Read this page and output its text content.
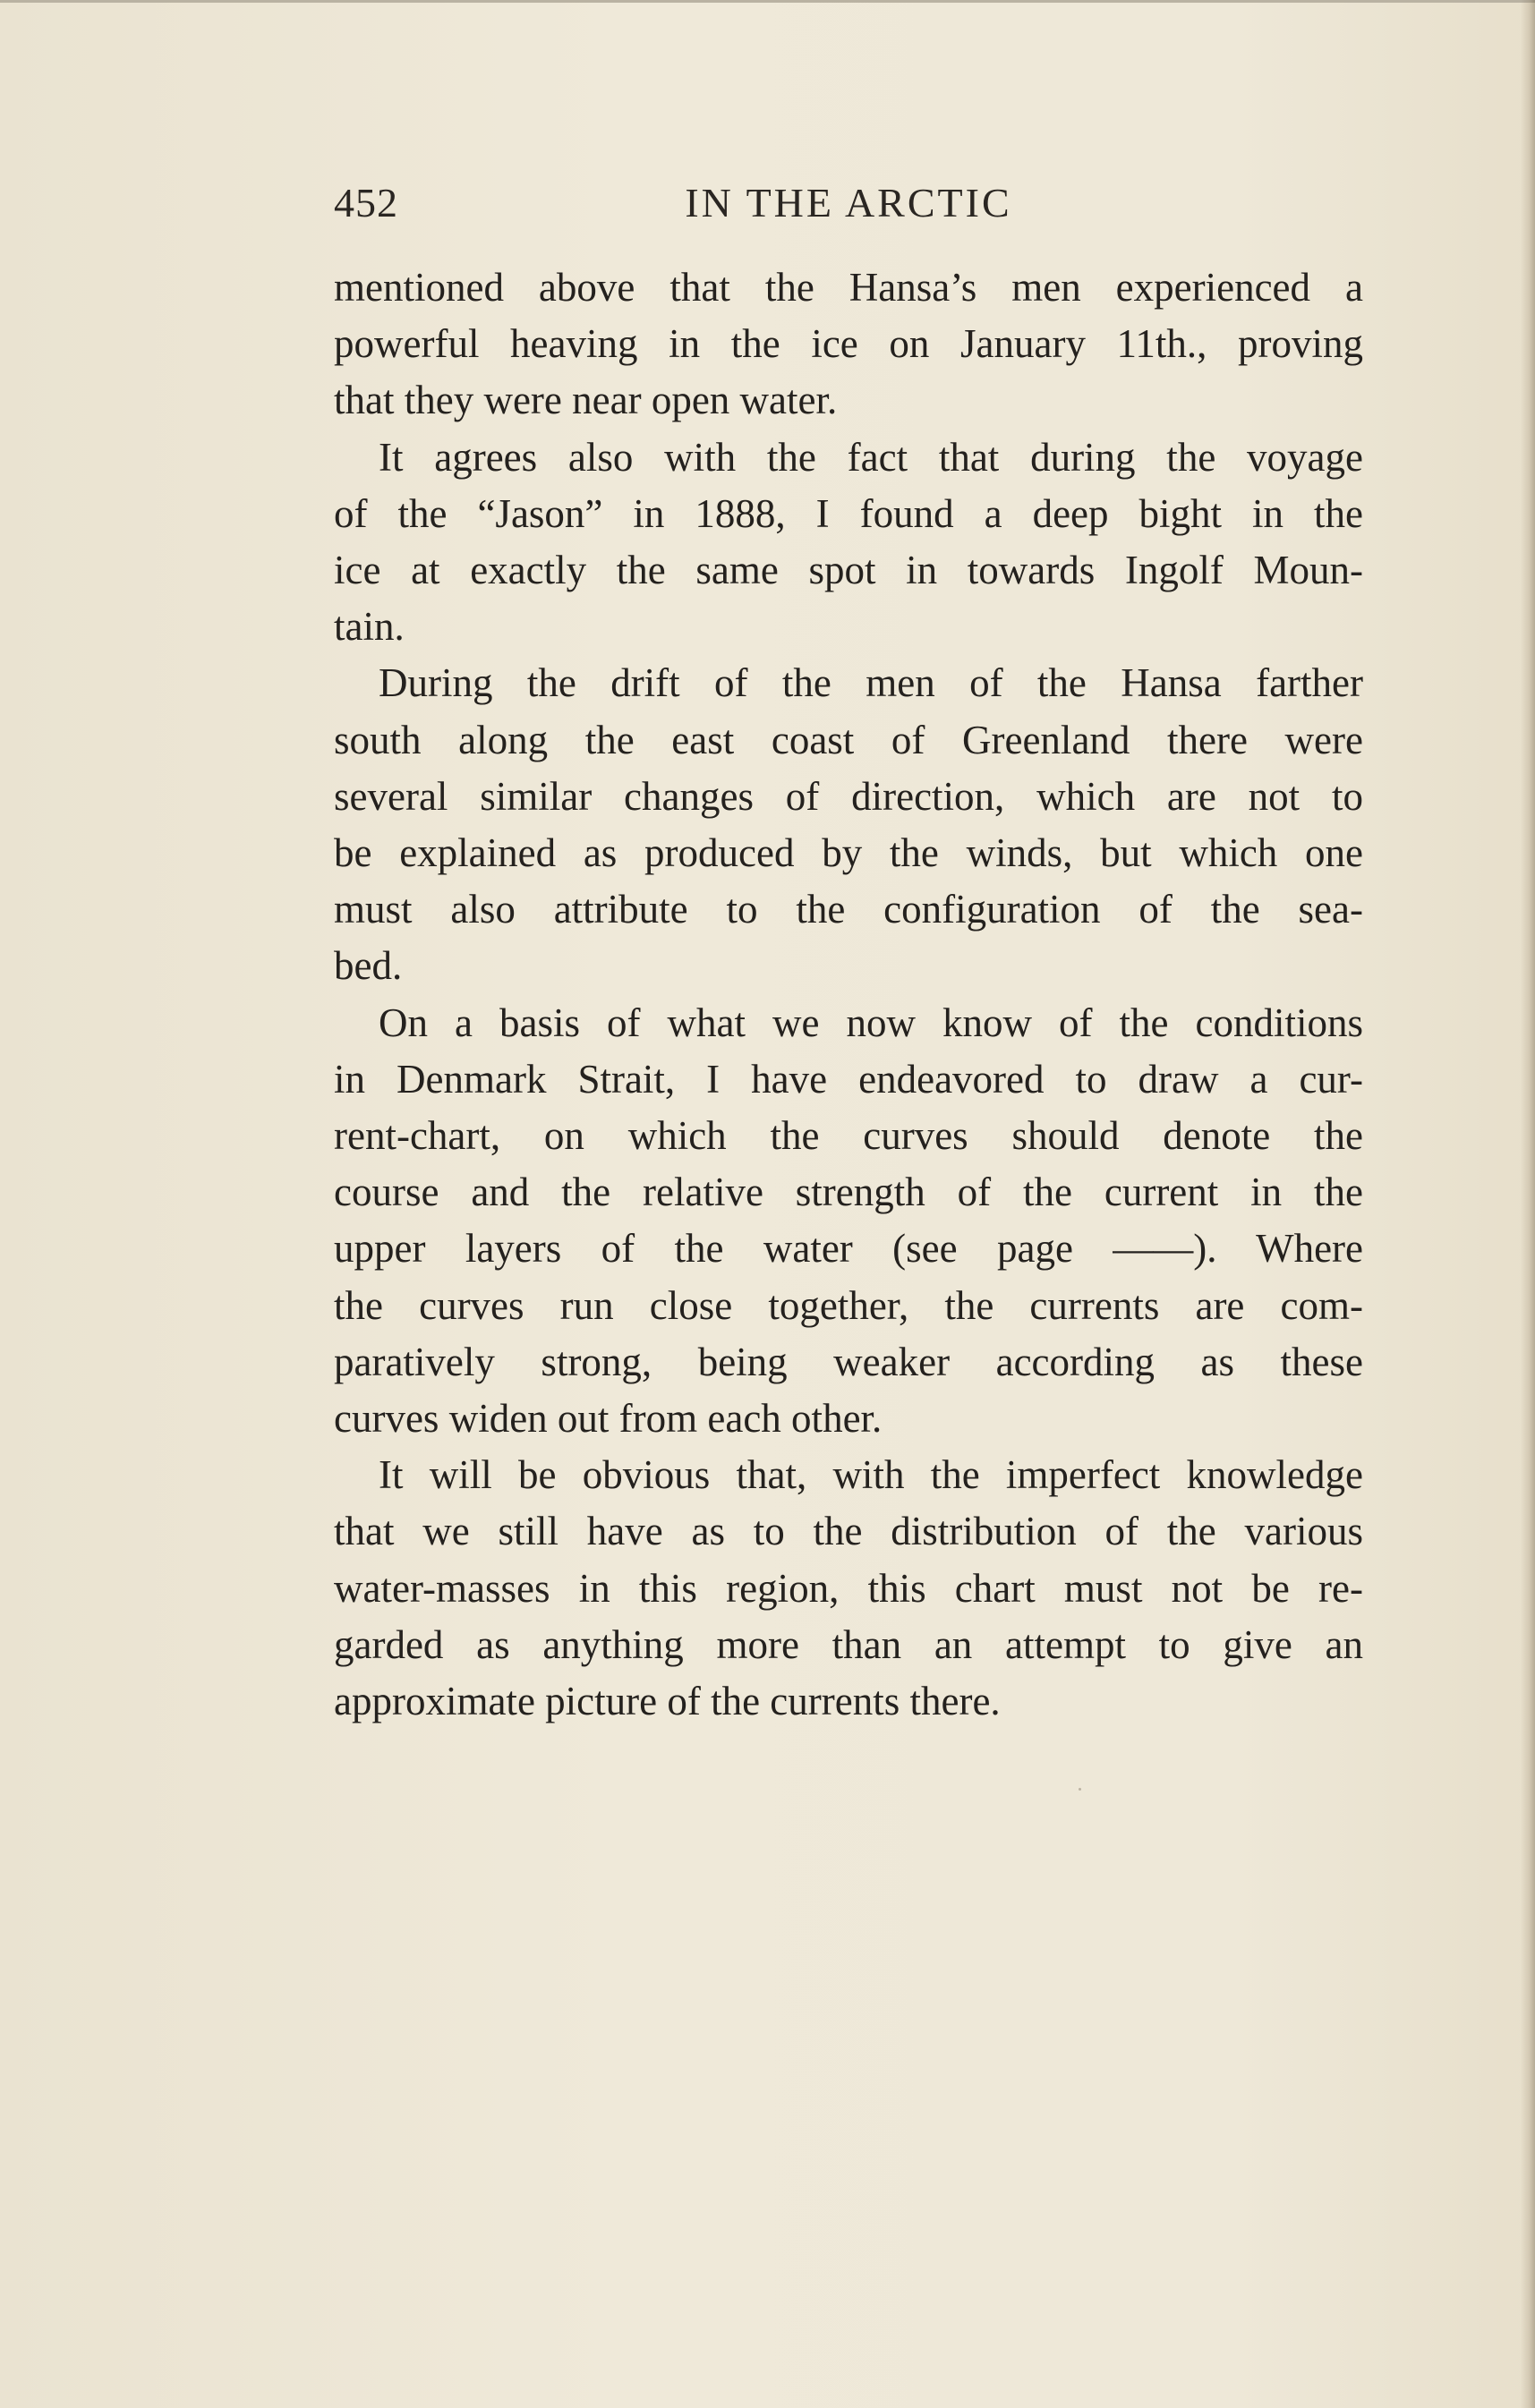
452	IN THE ARCTIC
mentioned above that the Hansa’s men experienced a
powerful heaving in the ice on January 11th., proving
that they were near open water.
It agrees also with the fact that during the voyage
of the “Jason” in 1888, I found a deep bight in the
ice at exactly the same spot in towards Ingolf Moun-
tain.
During the drift of the men of the Hansa farther
south along the east coast of Greenland there were
several similar changes of direction, which are not to
be explained as produced by the winds, but which one
must also attribute to the configuration of the sea-
bed.
On a basis of what we now know of the conditions
in Denmark Strait, I have endeavored to draw a cur-
rent-chart, on which the curves should denote the
course and the relative strength of the current in the
upper layers of the water (see page ——). Where
the curves run close together, the currents are com-
paratively strong, being weaker according as these
curves widen out from each other.
It will be obvious that, with the imperfect knowledge
that we still have as to the distribution of the various
water-masses in this region, this chart must not be re-
garded as anything more than an attempt to give an
approximate picture of the currents there.
